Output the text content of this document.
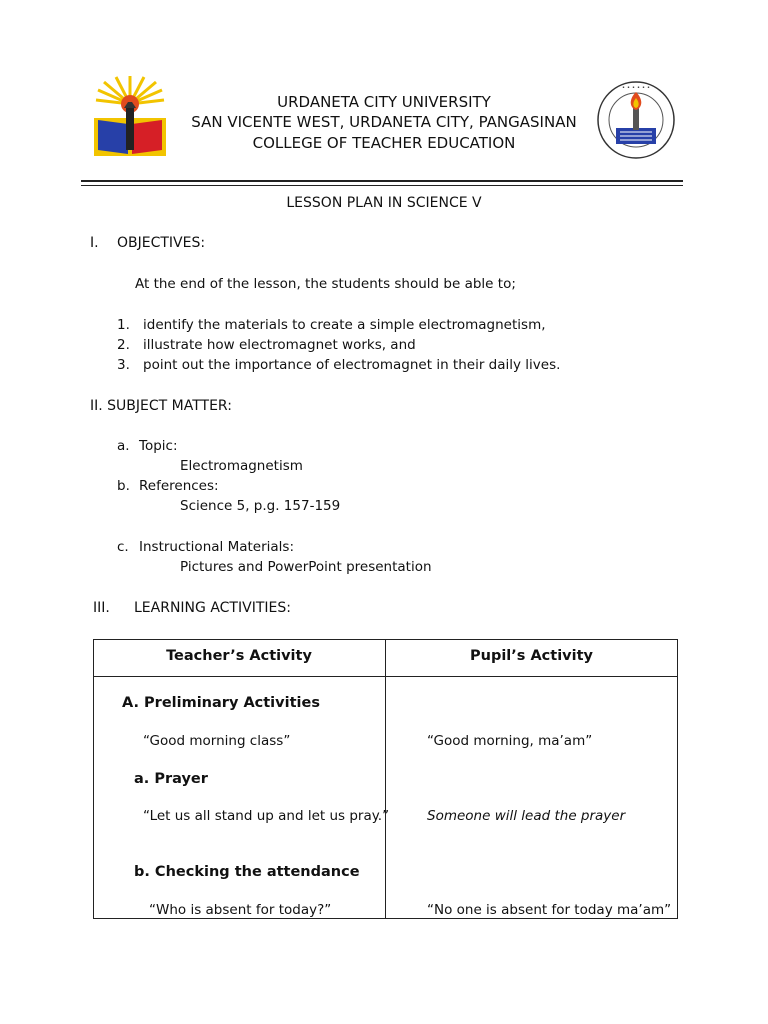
• • • • • •
URDANETA CITY UNIVERSITY
SAN VICENTE WEST, URDANETA CITY, PANGASINAN
COLLEGE OF TEACHER EDUCATION
LESSON PLAN IN SCIENCE V
I. OBJECTIVES:
At the end of the lesson, the students should be able to;
1. identify the materials to create a simple electromagnetism,
2. illustrate how electromagnet works, and
3. point out the importance of electromagnet in their daily lives.
II. SUBJECT MATTER:
a. Topic:
Electromagnetism
b. References:
Science 5, p.g. 157-159
c. Instructional Materials:
Pictures and PowerPoint presentation
III. LEARNING ACTIVITIES:
Teacher’s Activity	Pupil’s Activity
A. Preliminary Activities
“Good morning class”	“Good morning, ma’am”
a. Prayer
“Let us all stand up and let us pray.”	Someone will lead the prayer
b. Checking the attendance
“Who is absent for today?”	“No one is absent for today ma’am”
